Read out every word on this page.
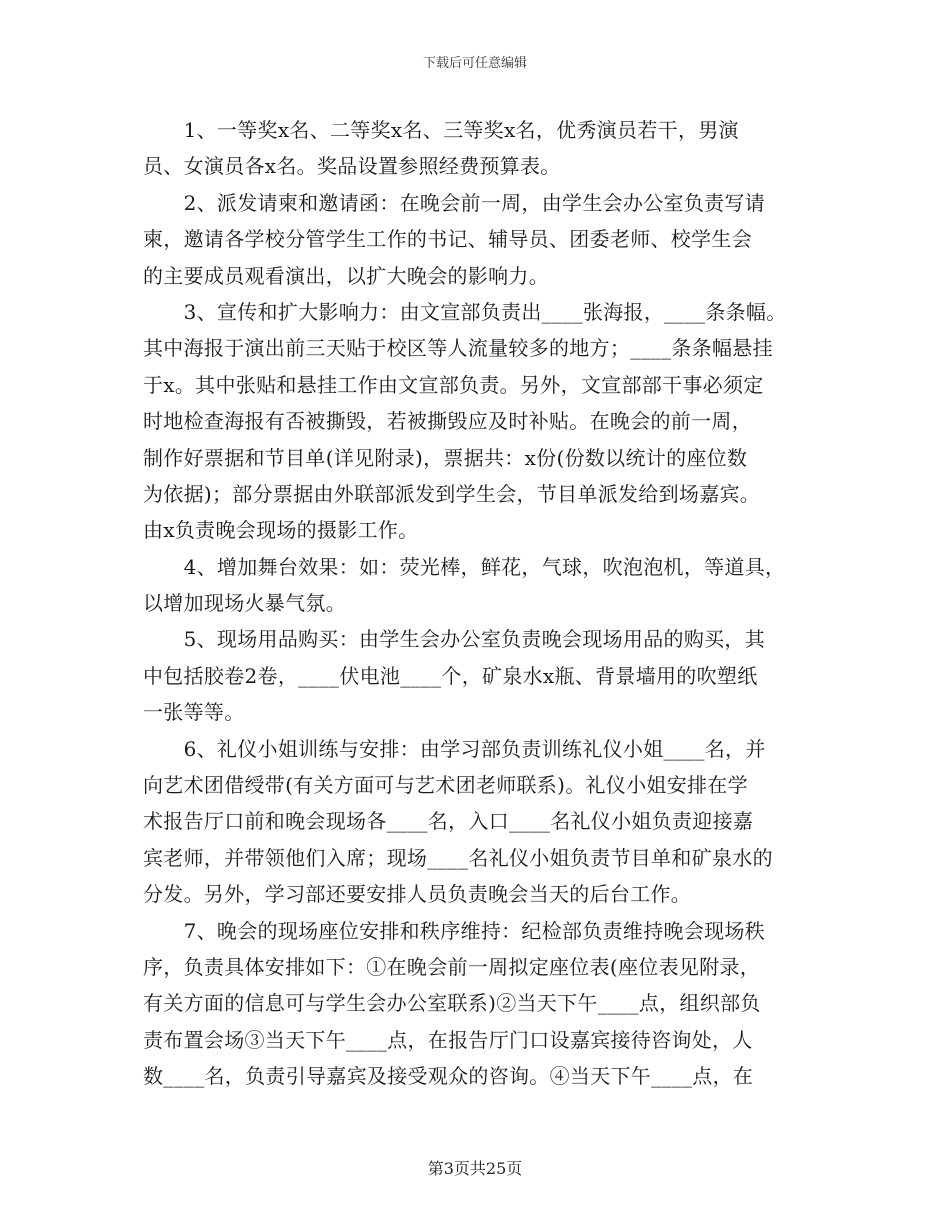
下载后可任意编辑
　　1、一等奖x名、二等奖x名、三等奖x名，优秀演员若干，男演
员、女演员各x名。奖品设置参照经费预算表。
　　2、派发请柬和邀请函：在晚会前一周，由学生会办公室负责写请
柬，邀请各学校分管学生工作的书记、辅导员、团委老师、校学生会
的主要成员观看演出，以扩大晚会的影响力。
　　3、宣传和扩大影响力：由文宣部负责出____张海报，____条条幅。
其中海报于演出前三天贴于校区等人流量较多的地方；____条条幅悬挂
于x。其中张贴和悬挂工作由文宣部负责。另外，文宣部部干事必须定
时地检查海报有否被撕毁，若被撕毁应及时补贴。在晚会的前一周，
制作好票据和节目单(详见附录)，票据共：x份(份数以统计的座位数
为依据)；部分票据由外联部派发到学生会，节目单派发给到场嘉宾。
由x负责晚会现场的摄影工作。
　　4、增加舞台效果：如：荧光棒，鲜花，气球，吹泡泡机，等道具，
以增加现场火暴气氛。
　　5、现场用品购买：由学生会办公室负责晚会现场用品的购买，其
中包括胶卷2卷，____伏电池____个，矿泉水x瓶、背景墙用的吹塑纸
一张等等。
　　6、礼仪小姐训练与安排：由学习部负责训练礼仪小姐____名，并
向艺术团借绶带(有关方面可与艺术团老师联系)。礼仪小姐安排在学
术报告厅口前和晚会现场各____名，入口____名礼仪小姐负责迎接嘉
宾老师，并带领他们入席；现场____名礼仪小姐负责节目单和矿泉水的
分发。另外，学习部还要安排人员负责晚会当天的后台工作。
　　7、晚会的现场座位安排和秩序维持：纪检部负责维持晚会现场秩
序，负责具体安排如下：①在晚会前一周拟定座位表(座位表见附录，
有关方面的信息可与学生会办公室联系)②当天下午____点，组织部负
责布置会场③当天下午____点，在报告厅门口设嘉宾接待咨询处，人
数____名，负责引导嘉宾及接受观众的咨询。④当天下午____点，在
第3页共25页
